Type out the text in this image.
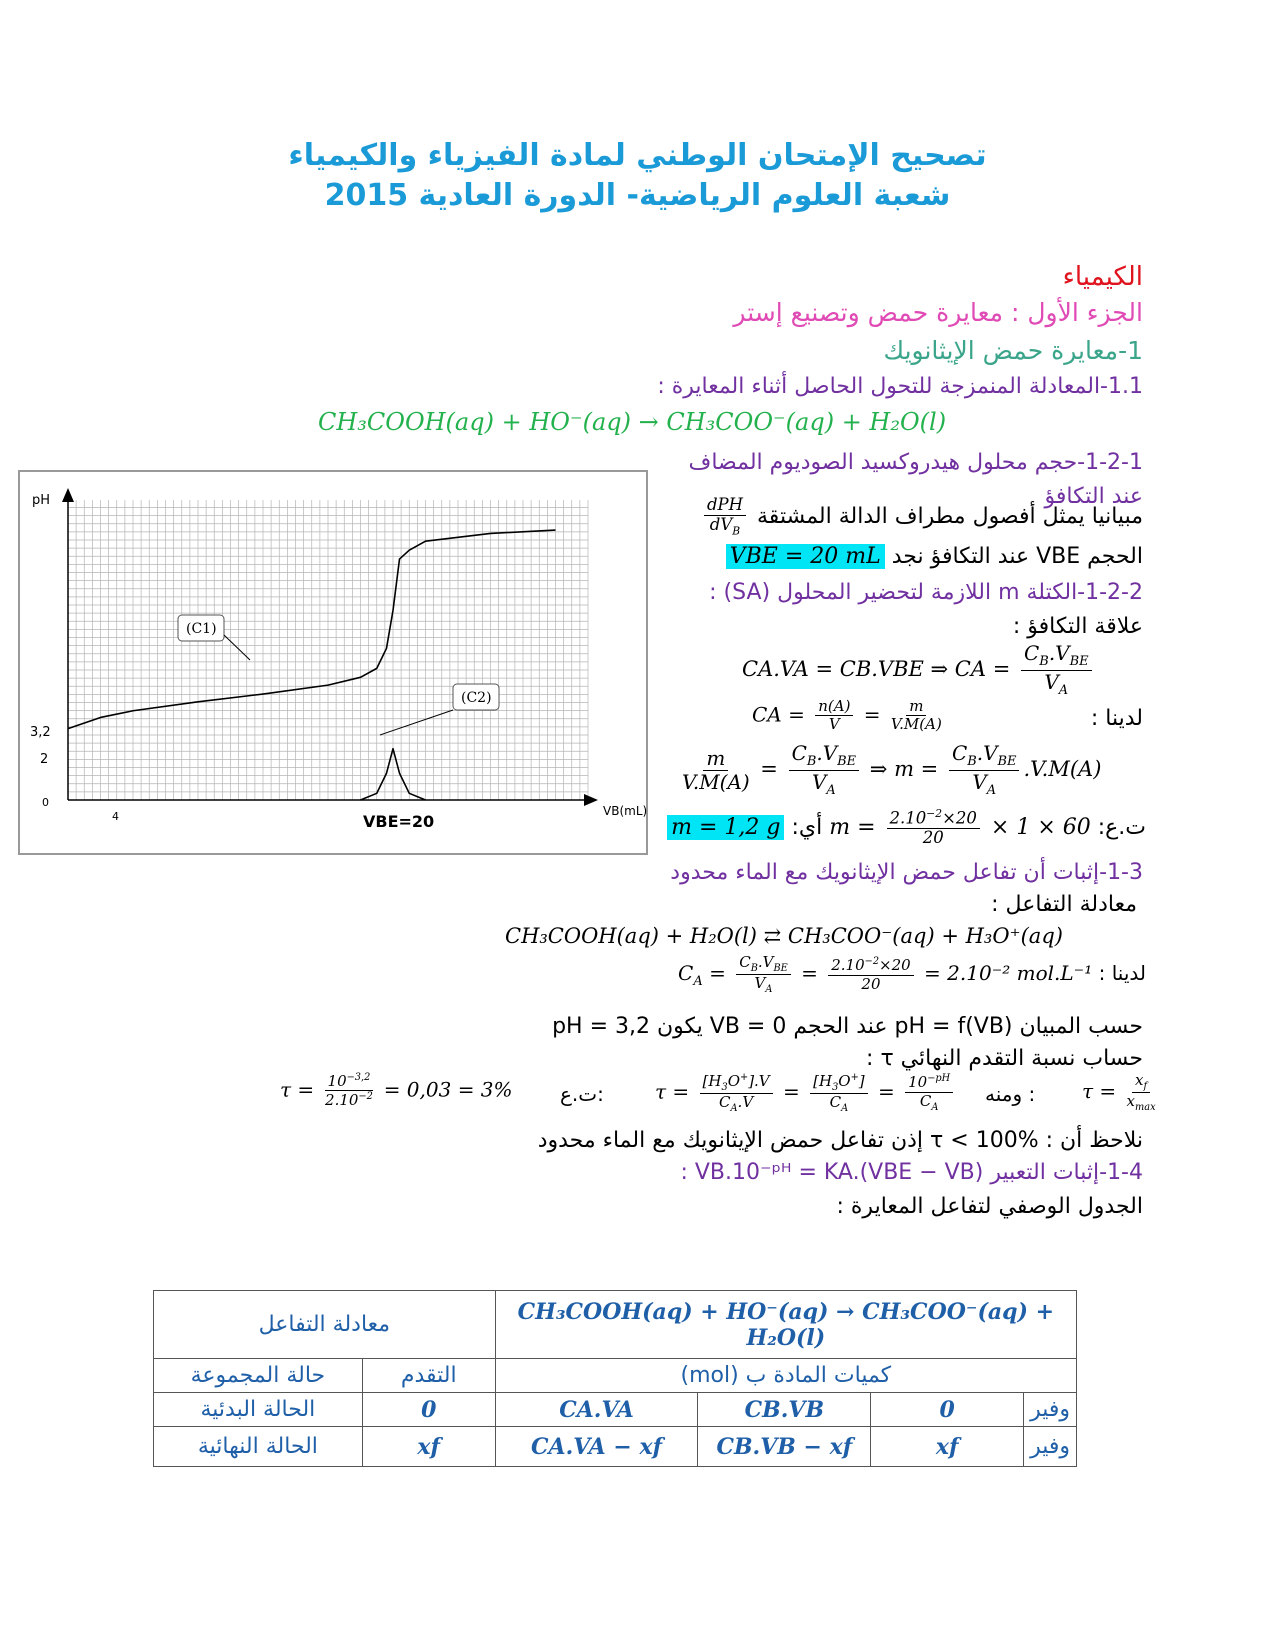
تصحيح الإمتحان الوطني لمادة الفيزياء والكيمياء
شعبة العلوم الرياضية- الدورة العادية 2015
الكيمياء
الجزء الأول : معايرة حمض وتصنيع إستر
1-معايرة حمض الإيثانويك
1.1-المعادلة المنمزجة للتحول الحاصل أثناء المعايرة :
CH₃COOH(aq) + HO⁻(aq) → CH₃COO⁻(aq) + H₂O(l)
1-2-1-حجم محلول هيدروكسيد الصوديوم المضاف
عند التكافؤ
pH
VB(mL)
3,2
2
0
4	VBE=20
(C1)
(C2)
مبيانيا يمثل أفصول مطراف الدالة المشتقة
$\frac{\text{dPH}}{dV_B}$
الحجم VBE عند التكافؤ نجد VBE = 20 mL
1-2-2-الكتلة m اللازمة لتحضير المحلول (SA) :
علاقة التكافؤ :
CA.VA = CB.VBE ⇒ CA = $\frac{C_B.V_{BE}}{V_A}$
CA = $\frac{n(A)}{V} = \frac{m}{V.M(A)}$	لدينا :
$\frac{m}{V.M(A)} = \frac{C_B.V_{BE}}{V_A}$ ⇒ $m = \frac{C_B.V_{BE}}{V_A} .V.M(A)$
ت.ع: $m = \frac{2.10^{-2}\times 20}{20} \times 1 \times 60$ أي: m = 1,2 g
1-3-إثبات أن تفاعل حمض الإيثانويك مع الماء محدود
معادلة التفاعل :
CH₃COOH(aq) + H₂O(l) ⇄ CH₃COO⁻(aq) + H₃O⁺(aq)
لدينا : $C_A = \frac{C_B.V_{BE}}{V_A} = \frac{2.10^{-2}\times 20}{20} = 2.10^{-2}$ mol.L⁻¹
حسب المبيان pH = f(VB) عند الحجم VB = 0 يكون pH = 3,2
حساب نسبة التقدم النهائي τ :
$\tau = \frac{10^{-3,2}}{2.10^{-2}} = 0,03 = 3\%$ ت.ع:	$\tau = \frac{[H_3O^+].V}{C_A.V} = \frac{[H_3O^+]}{C_A} = \frac{10^{-pH}}{C_A}$ ومنه : $\tau = \frac{x_f}{x_{max}}$
نلاحظ أن : τ < 100% إذن تفاعل حمض الإيثانويك مع الماء محدود
1-4-إثبات التعبير VB.10⁻ᵖᴴ = KA.(VBE − VB) :
الجدول الوصفي لتفاعل المعايرة :
معادلة التفاعل		CH₃COOH(aq) + HO⁻(aq) → CH₃COO⁻(aq) + H₂O(l)			
حالة المجموعة	التقدم	كميات المادة ب (mol)			
الحالة البدئية	0	CA.VA	CB.VB	0	وفير
الحالة النهائية	xf	CA.VA − xf	CB.VB − xf	xf	وفير
